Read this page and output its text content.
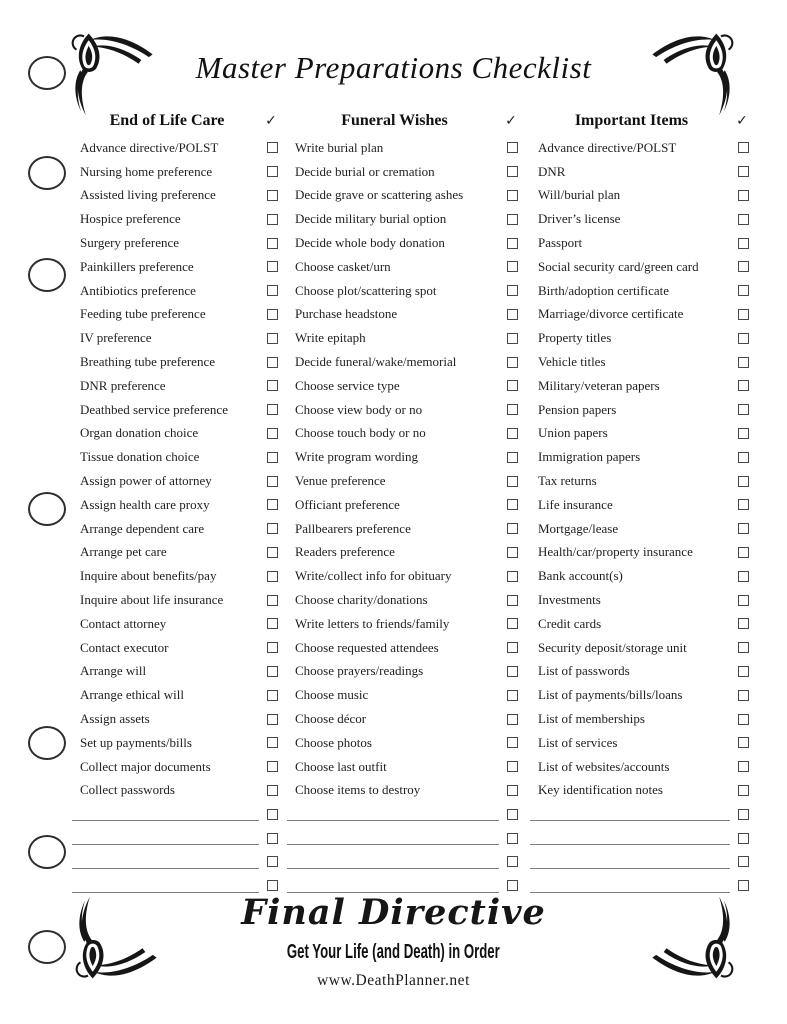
Master Preparations Checklist
End of Life Care	✓
Advance directive/POLST
Nursing home preference
Assisted living preference
Hospice preference
Surgery preference
Painkillers preference
Antibiotics preference
Feeding tube preference
IV preference
Breathing tube preference
DNR preference
Deathbed service preference
Organ donation choice
Tissue donation choice
Assign power of attorney
Assign health care proxy
Arrange dependent care
Arrange pet care
Inquire about benefits/pay
Inquire about life insurance
Contact attorney
Contact executor
Arrange will
Arrange ethical will
Assign assets
Set up payments/bills
Collect major documents
Collect passwords
Funeral Wishes	✓
Write burial plan
Decide burial or cremation
Decide grave or scattering ashes
Decide military burial option
Decide whole body donation
Choose casket/urn
Choose plot/scattering spot
Purchase headstone
Write epitaph
Decide funeral/wake/memorial
Choose service type
Choose view body or no
Choose touch body or no
Write program wording
Venue preference
Officiant preference
Pallbearers preference
Readers preference
Write/collect info for obituary
Choose charity/donations
Write letters to friends/family
Choose requested attendees
Choose prayers/readings
Choose music
Choose décor
Choose photos
Choose last outfit
Choose items to destroy
Important Items	✓
Advance directive/POLST
DNR
Will/burial plan
Driver’s license
Passport
Social security card/green card
Birth/adoption certificate
Marriage/divorce certificate
Property titles
Vehicle titles
Military/veteran papers
Pension papers
Union papers
Immigration papers
Tax returns
Life insurance
Mortgage/lease
Health/car/property insurance
Bank account(s)
Investments
Credit cards
Security deposit/storage unit
List of passwords
List of payments/bills/loans
List of memberships
List of services
List of websites/accounts
Key identification notes

Final Directive

Get Your Life (and Death) in Order

www.DeathPlanner.net
